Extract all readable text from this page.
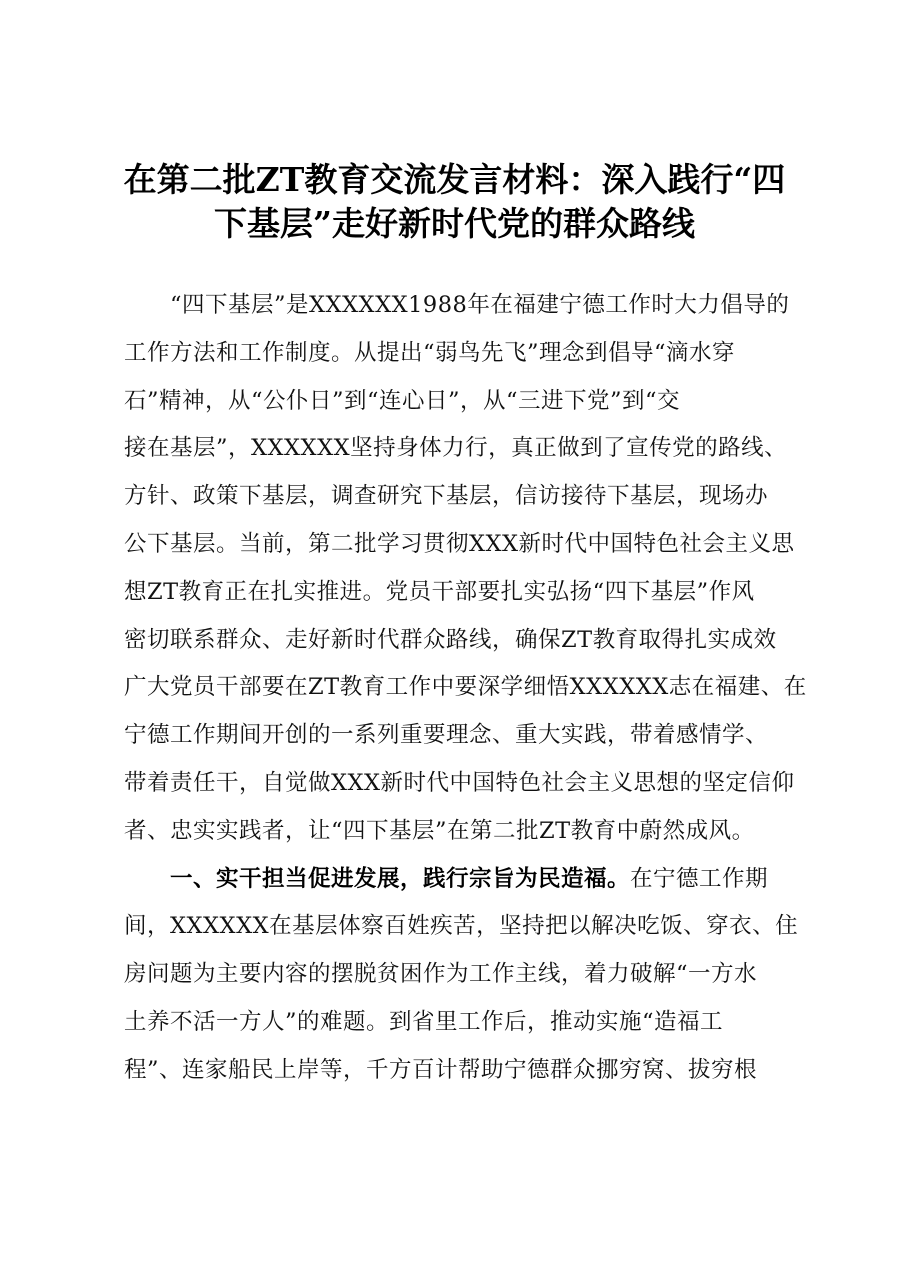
在第二批ZT教育交流发言材料：深入践行“四
下基层”走好新时代党的群众路线
“四下基层”是XXXXXX1988年在福建宁德工作时大力倡导的
工作方法和工作制度。从提出“弱鸟先飞”理念到倡导“滴水穿
石”精神，从“公仆日”到“连心日”，从“三进下党”到“交
接在基层”，XXXXXX坚持身体力行，真正做到了宣传党的路线、
方针、政策下基层，调查研究下基层，信访接待下基层，现场办
公下基层。当前，第二批学习贯彻XXX新时代中国特色社会主义思
想ZT教育正在扎实推进。党员干部要扎实弘扬“四下基层”作风
密切联系群众、走好新时代群众路线，确保ZT教育取得扎实成效
广大党员干部要在ZT教育工作中要深学细悟XXXXXX志在福建、在
宁德工作期间开创的一系列重要理念、重大实践，带着感情学、
带着责任干，自觉做XXX新时代中国特色社会主义思想的坚定信仰
者、忠实实践者，让“四下基层”在第二批ZT教育中蔚然成风。
一、实干担当促进发展，践行宗旨为民造福。在宁德工作期
间，XXXXXX在基层体察百姓疾苦，坚持把以解决吃饭、穿衣、住
房问题为主要内容的摆脱贫困作为工作主线，着力破解“一方水
土养不活一方人”的难题。到省里工作后，推动实施“造福工
程”、连家船民上岸等，千方百计帮助宁德群众挪穷窝、拔穷根
